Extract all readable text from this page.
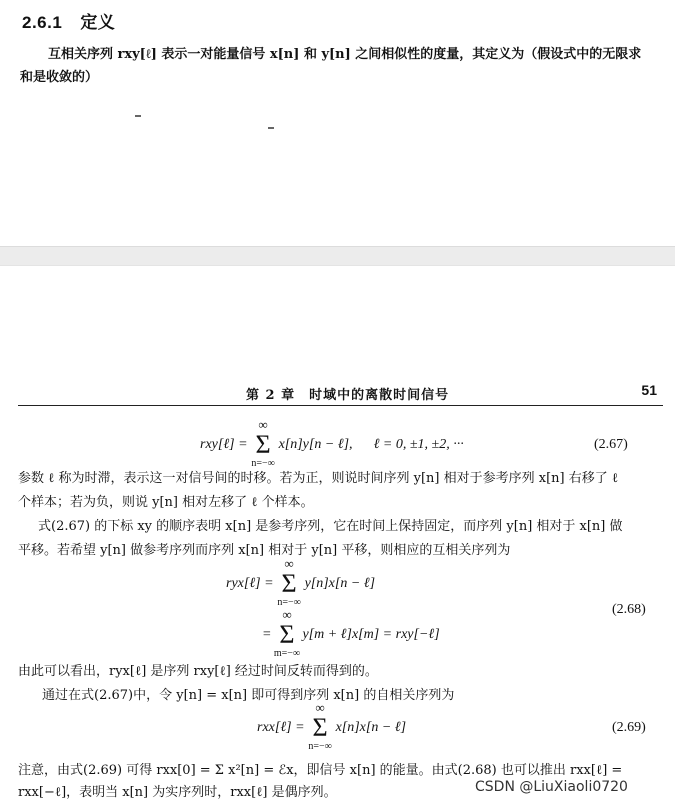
2.6.1 定义
互相关序列 rxy[ℓ] 表示一对能量信号 x[n] 和 y[n] 之间相似性的度量，其定义为（假设式中的无限求
和是收敛的）
第 2 章　时域中的离散时间信号	51
rxy[ℓ] = Σ
∞
n=−∞
x[n]y[n − ℓ], ℓ = 0, ±1, ±2, ···	(2.67)
参数 ℓ 称为时滞，表示这一对信号间的时移。若为正，则说时间序列 y[n] 相对于参考序列 x[n] 右移了 ℓ
个样本；若为负，则说 y[n] 相对左移了 ℓ 个样本。
式(2.67) 的下标 xy 的顺序表明 x[n] 是参考序列，它在时间上保持固定，而序列 y[n] 相对于 x[n] 做
平移。若希望 y[n] 做参考序列而序列 x[n] 相对于 y[n] 平移，则相应的互相关序列为
ryx[ℓ] = Σ
∞
n=−∞
y[n]x[n − ℓ]
= Σ
∞
m=−∞
y[m + ℓ]x[m] = rxy[−ℓ]
(2.68)
由此可以看出，ryx[ℓ] 是序列 rxy[ℓ] 经过时间反转而得到的。
通过在式(2.67)中，令 y[n] = x[n] 即可得到序列 x[n] 的自相关序列为
rxx[ℓ] = Σ
∞
n=−∞
x[n]x[n − ℓ]	(2.69)
注意，由式(2.69) 可得 rxx[0] = Σ x²[n] = ℰx，即信号 x[n] 的能量。由式(2.68) 也可以推出 rxx[ℓ] =
rxx[−ℓ]，表明当 x[n] 为实序列时，rxx[ℓ] 是偶序列。	CSDN @LiuXiaoli0720
